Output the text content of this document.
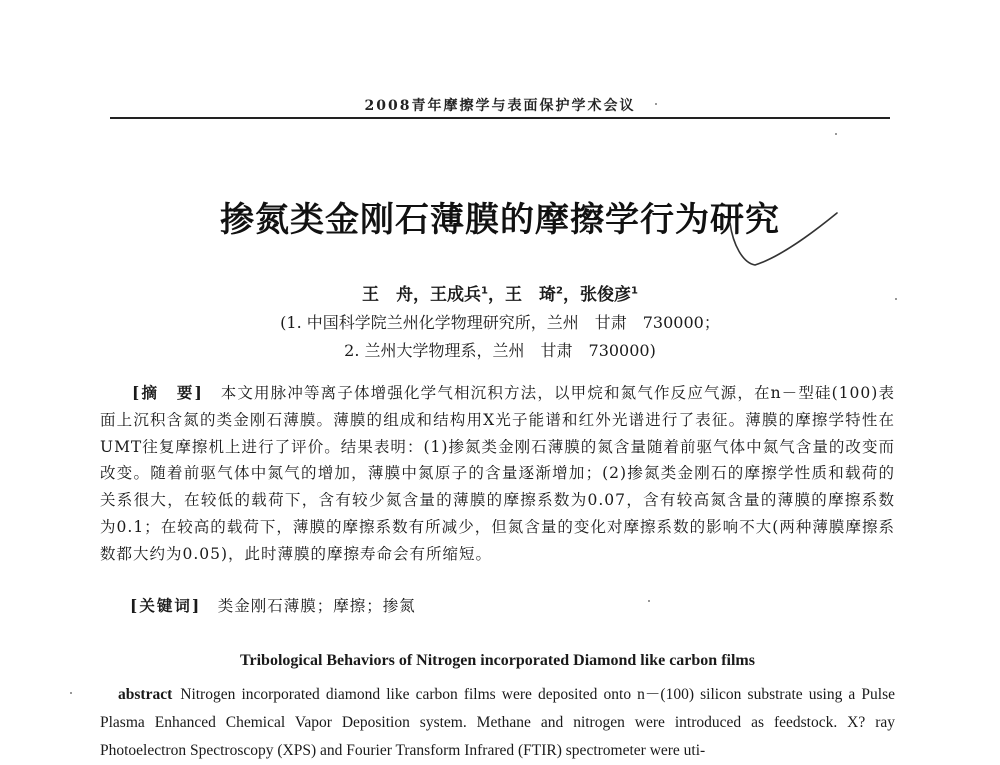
2008青年摩擦学与表面保护学术会议
掺氮类金刚石薄膜的摩擦学行为研究
王　舟，王成兵$^1$，王　琦$^2$，张俊彦$^1$
(1. 中国科学院兰州化学物理研究所，兰州　甘肃　730000；
2. 兰州大学物理系，兰州　甘肃　730000)

[摘　要]　 本文用脉冲等离子体增强化学气相沉积方法，以甲烷和氮气作反应气源，在n－型硅(100)表面上沉积含氮的类金刚石薄膜。薄膜的组成和结构用X光子能谱和红外光谱进行了表征。薄膜的摩擦学特性在UMT往复摩擦机上进行了评价。结果表明：(1)掺氮类金刚石薄膜的氮含量随着前驱气体中氮气含量的改变而改变。随着前驱气体中氮气的增加，薄膜中氮原子的含量逐渐增加；(2)掺氮类金刚石的摩擦学性质和载荷的关系很大，在较低的载荷下，含有较少氮含量的薄膜的摩擦系数为0.07，含有较高氮含量的薄膜的摩擦系数为0.1；在较高的载荷下，薄膜的摩擦系数有所减少，但氮含量的变化对摩擦系数的影响不大(两种薄膜摩擦系数都大约为0.05)，此时薄膜的摩擦寿命会有所缩短。

[关键词]　 类金刚石薄膜；摩擦；掺氮
Tribological Behaviors of Nitrogen incorporated Diamond like carbon films

abstract Nitrogen incorporated diamond like carbon films were deposited onto n－(100) silicon substrate using a Pulse Plasma Enhanced Chemical Vapor Deposition system. Methane and nitrogen were introduced as feedstock. X? ray Photoelectron Spectroscopy (XPS) and Fourier Transform Infrared (FTIR) spectrometer were uti-
